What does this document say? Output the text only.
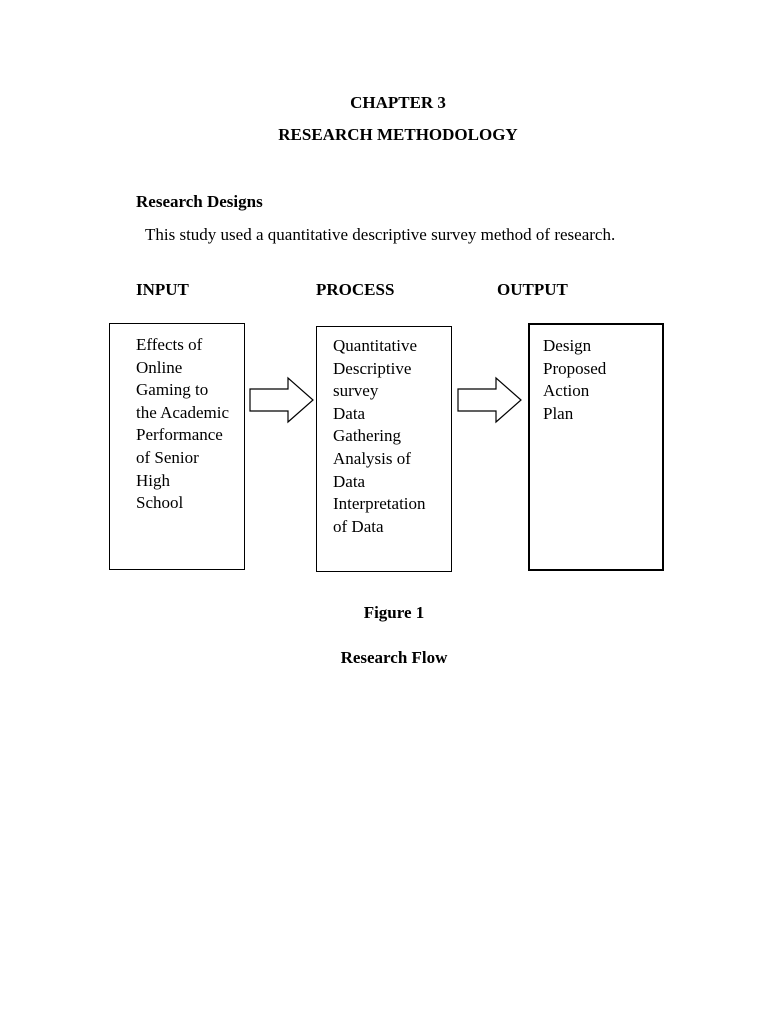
CHAPTER 3

RESEARCH METHODOLOGY

Research Designs

This study used a quantitative descriptive survey method of research.

INPUT	PROCESS	OUTPUT

Effects of
Online
Gaming to
the Academic
Performance
of Senior
High
School
Quantitative
Descriptive
survey
Data
Gathering
Analysis of
Data
Interpretation
of Data
Design
Proposed
Action
Plan

Figure 1

Research Flow
